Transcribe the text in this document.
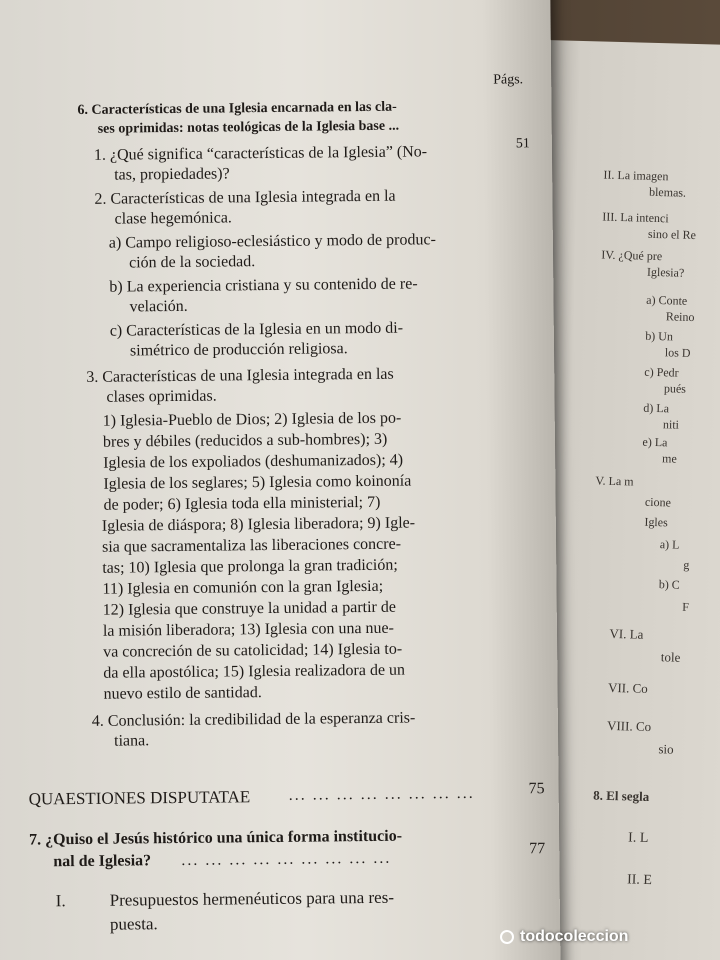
II. La imagen
blemas.
III. La intenci
sino el Re
IV. ¿Qué pre
Iglesia?
a) Conte
Reino
b) Un
los D
c) Pedr
pués
d) La
niti
e) La
me
V. La m
cione
Igles
a) L
g
b) C
F
VI. La
tole
VII. Co
VIII. Co
sio
8. El segla
I. L
II. E
Págs.
6. Características de una Iglesia encarnada en las cla-
ses oprimidas: notas teológicas de la Iglesia base ...
51
1. ¿Qué significa “características de la Iglesia” (No-
tas, propiedades)?
2. Características de una Iglesia integrada en la
clase hegemónica.
a) Campo religioso-eclesiástico y modo de produc-
ción de la sociedad.
b) La experiencia cristiana y su contenido de re-
velación.
c) Características de la Iglesia en un modo di-
simétrico de producción religiosa.
3. Características de una Iglesia integrada en las
clases oprimidas.
1) Iglesia-Pueblo de Dios; 2) Iglesia de los po-
bres y débiles (reducidos a sub-hombres); 3)
Iglesia de los expoliados (deshumanizados); 4)
Iglesia de los seglares; 5) Iglesia como koinonía
de poder; 6) Iglesia toda ella ministerial; 7)
Iglesia de diáspora; 8) Iglesia liberadora; 9) Igle-
sia que sacramentaliza las liberaciones concre-
tas; 10) Iglesia que prolonga la gran tradición;
11) Iglesia en comunión con la gran Iglesia;
12) Iglesia que construye la unidad a partir de
la misión liberadora; 13) Iglesia con una nue-
va concreción de su catolicidad; 14) Iglesia to-
da ella apostólica; 15) Iglesia realizadora de un
nuevo estilo de santidad.
4. Conclusión: la credibilidad de la esperanza cris-
tiana.
QUAESTIONES DISPUTATAE ... ... ... ... ... ... ... ...	75
7. ¿Quiso el Jesús histórico una única forma institucio-
nal de Iglesia? ... ... ... ... ... ... ... ... ...
77
I.	Presupuestos hermenéuticos para una res-
puesta.
todocoleccion
